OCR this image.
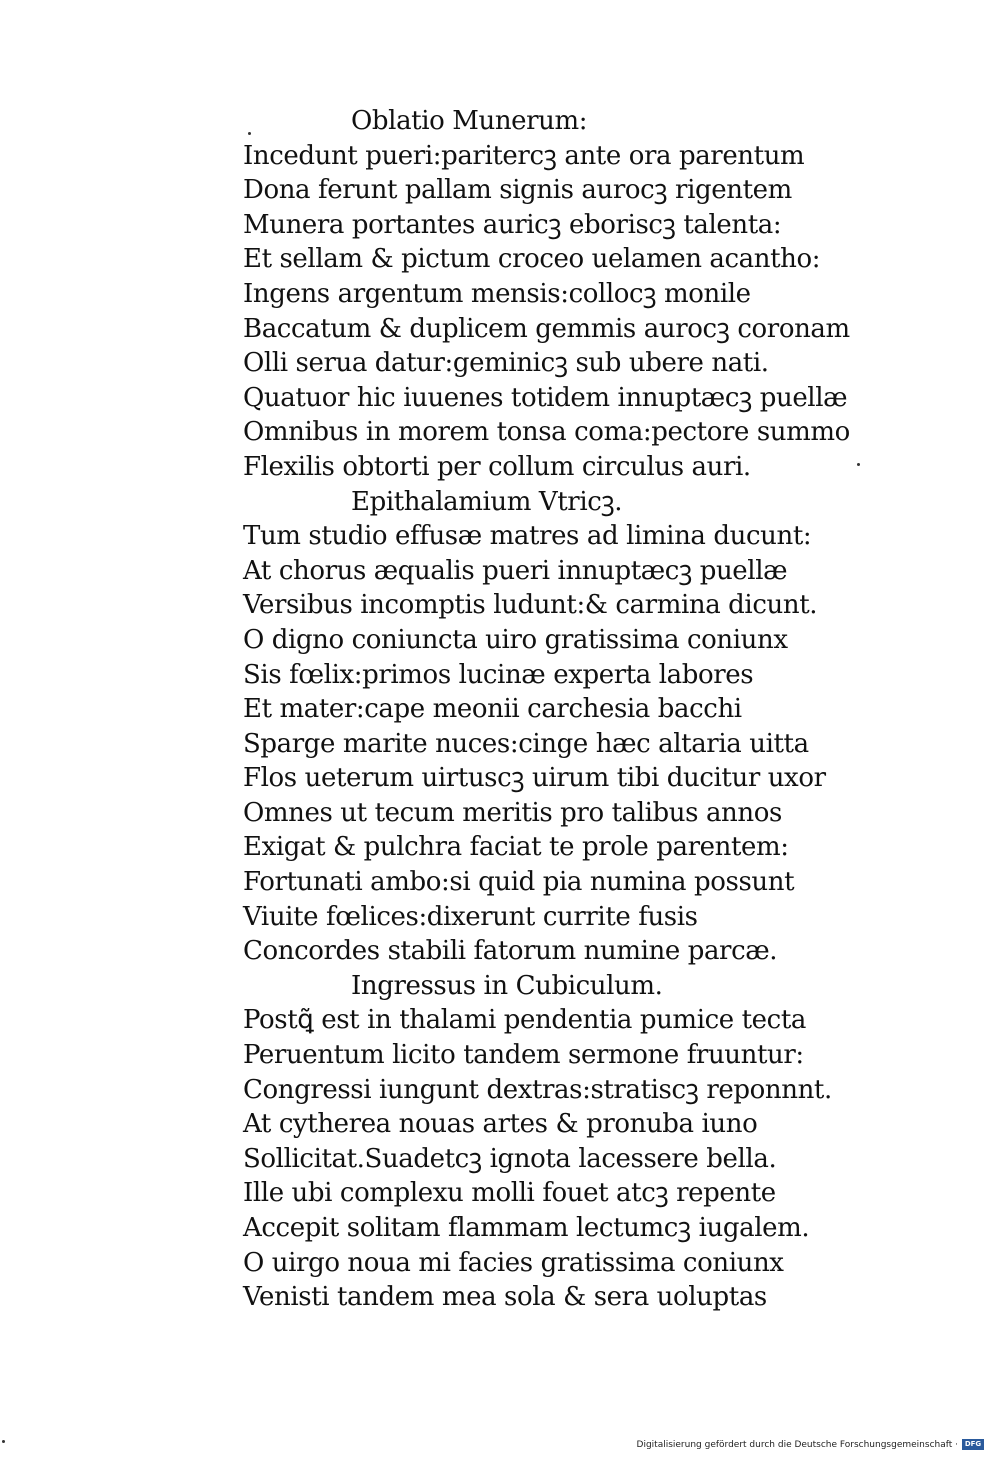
Oblatio Munerum:
Incedunt pueri:paritercꝫ ante ora parentum
Dona ferunt pallam signis aurocꝫ rigentem
Munera portantes auricꝫ eboriscꝫ talenta:
Et sellam & pictum croceo uelamen acantho:
Ingens argentum mensis:collocꝫ monile
Baccatum & duplicem gemmis aurocꝫ coronam
Olli serua datur:geminicꝫ sub ubere nati.
Quatuor hic iuuenes totidem innuptæcꝫ puellæ
Omnibus in morem tonsa coma:pectore summo
Flexilis obtorti per collum circulus auri.
Epithalamium Vtricꝫ.
Tum studio effusæ matres ad limina ducunt:
At chorus æqualis pueri innuptæcꝫ puellæ
Versibus incomptis ludunt:& carmina dicunt.
O digno coniuncta uiro gratissima coniunx
Sis fœlix:primos lucinæ experta labores
Et mater:cape meonii carchesia bacchi
Sparge marite nuces:cinge hæc altaria uitta
Flos ueterum uirtuscꝫ uirum tibi ducitur uxor
Omnes ut tecum meritis pro talibus annos
Exigat & pulchra faciat te prole parentem:
Fortunati ambo:si quid pia numina possunt
Viuite fœlices:dixerunt currite fusis
Concordes stabili fatorum numine parcæ.
Ingressus in Cubiculum.
Postꝗ̃ est in thalami pendentia pumice tecta
Peruentum licito tandem sermone fruuntur:
Congressi iungunt dextras:stratiscꝫ reponnnt.
At cytherea nouas artes & pronuba iuno
Sollicitat.Suadetcꝫ ignota lacessere bella.
Ille ubi complexu molli fouet atcꝫ repente
Accepit solitam flammam lectumcꝫ iugalem.
O uirgo noua mi facies gratissima coniunx
Venisti tandem mea sola & sera uoluptas
Digitalisierung gefördert durch die Deutsche Forschungsgemeinschaft · DFG
